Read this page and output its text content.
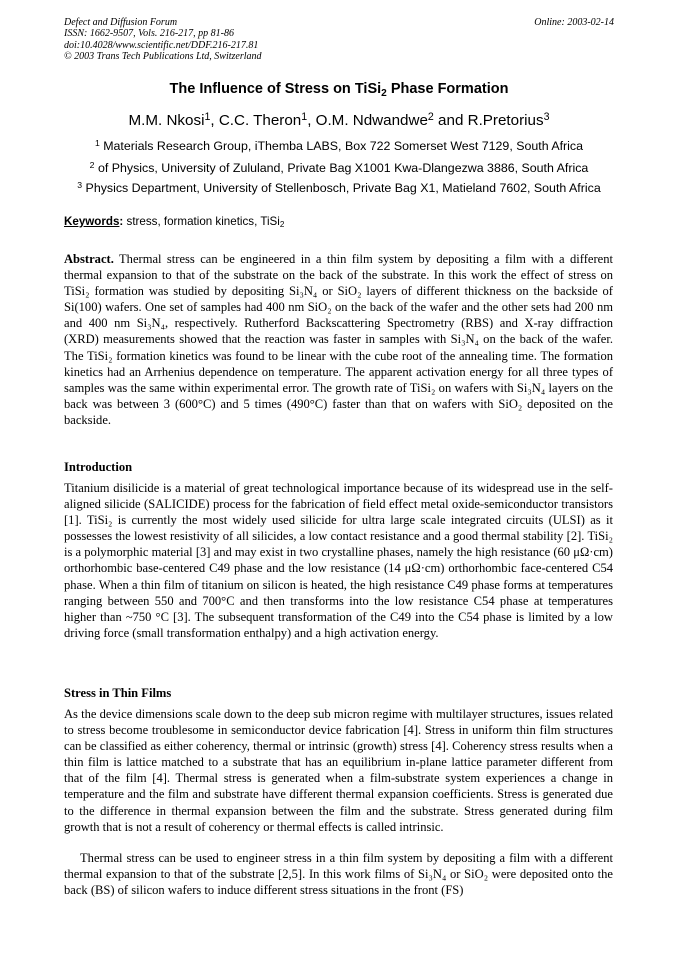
Defect and Diffusion Forum
ISSN: 1662-9507, Vols. 216-217, pp 81-86
doi:10.4028/www.scientific.net/DDF.216-217.81
© 2003 Trans Tech Publications Ltd, Switzerland
Online: 2003-02-14
The Influence of Stress on TiSi$_2$ Phase Formation
M.M. Nkosi$^1$, C.C. Theron$^1$, O.M. Ndwandwe$^2$ and R.Pretorius$^3$
$^1$ Materials Research Group, iThemba LABS, Box 722 Somerset West 7129, South Africa
$^2$ of Physics, University of Zululand, Private Bag X1001 Kwa-Dlangezwa 3886, South Africa
$^3$ Physics Department, University of Stellenbosch, Private Bag X1, Matieland 7602, South Africa
Keywords: stress, formation kinetics, TiSi$_2$
Abstract. Thermal stress can be engineered in a thin film system by depositing a film with a different thermal expansion to that of the substrate on the back of the substrate. In this work the effect of stress on TiSi₂ formation was studied by depositing Si₃N₄ or SiO₂ layers of different thickness on the backside of Si(100) wafers. One set of samples had 400 nm SiO₂ on the back of the wafer and the other sets had 200 nm and 400 nm Si₃N₄, respectively. Rutherford Backscattering Spectrometry (RBS) and X-ray diffraction (XRD) measurements showed that the reaction was faster in samples with Si₃N₄ on the back of the wafer. The TiSi₂ formation kinetics was found to be linear with the cube root of the annealing time. The formation kinetics had an Arrhenius dependence on temperature. The apparent activation energy for all three types of samples was the same within experimental error. The growth rate of TiSi₂ on wafers with Si₃N₄ layers on the back was between 3 (600°C) and 5 times (490°C) faster than that on wafers with SiO₂ deposited on the backside.
Introduction
Titanium disilicide is a material of great technological importance because of its widespread use in the self-aligned silicide (SALICIDE) process for the fabrication of field effect metal oxide-semiconductor transistors [1]. TiSi₂ is currently the most widely used silicide for ultra large scale integrated circuits (ULSI) as it possesses the lowest resistivity of all silicides, a low contact resistance and a good thermal stability [2]. TiSi₂ is a polymorphic material [3] and may exist in two crystalline phases, namely the high resistance (60 μΩ·cm) orthorhombic base-centered C49 phase and the low resistance (14 μΩ·cm) orthorhombic face-centered C54 phase. When a thin film of titanium on silicon is heated, the high resistance C49 phase forms at temperatures ranging between 550 and 700°C and then transforms into the low resistance C54 phase at temperatures higher than ~750 °C [3]. The subsequent transformation of the C49 into the C54 phase is limited by a low driving force (small transformation enthalpy) and a high activation energy.
Stress in Thin Films
As the device dimensions scale down to the deep sub micron regime with multilayer structures, issues related to stress become troublesome in semiconductor device fabrication [4]. Stress in uniform thin film structures can be classified as either coherency, thermal or intrinsic (growth) stress [4]. Coherency stress results when a thin film is lattice matched to a substrate that has an equilibrium in-plane lattice parameter different from that of the film [4]. Thermal stress is generated when a film-substrate system experiences a change in temperature and the film and substrate have different thermal expansion coefficients. Stress is generated due to the difference in thermal expansion between the film and the substrate. Stress generated during film growth that is not a result of coherency or thermal effects is called intrinsic.
Thermal stress can be used to engineer stress in a thin film system by depositing a film with a different thermal expansion to that of the substrate [2,5]. In this work films of Si₃N₄ or SiO₂ were deposited onto the back (BS) of silicon wafers to induce different stress situations in the front (FS)
